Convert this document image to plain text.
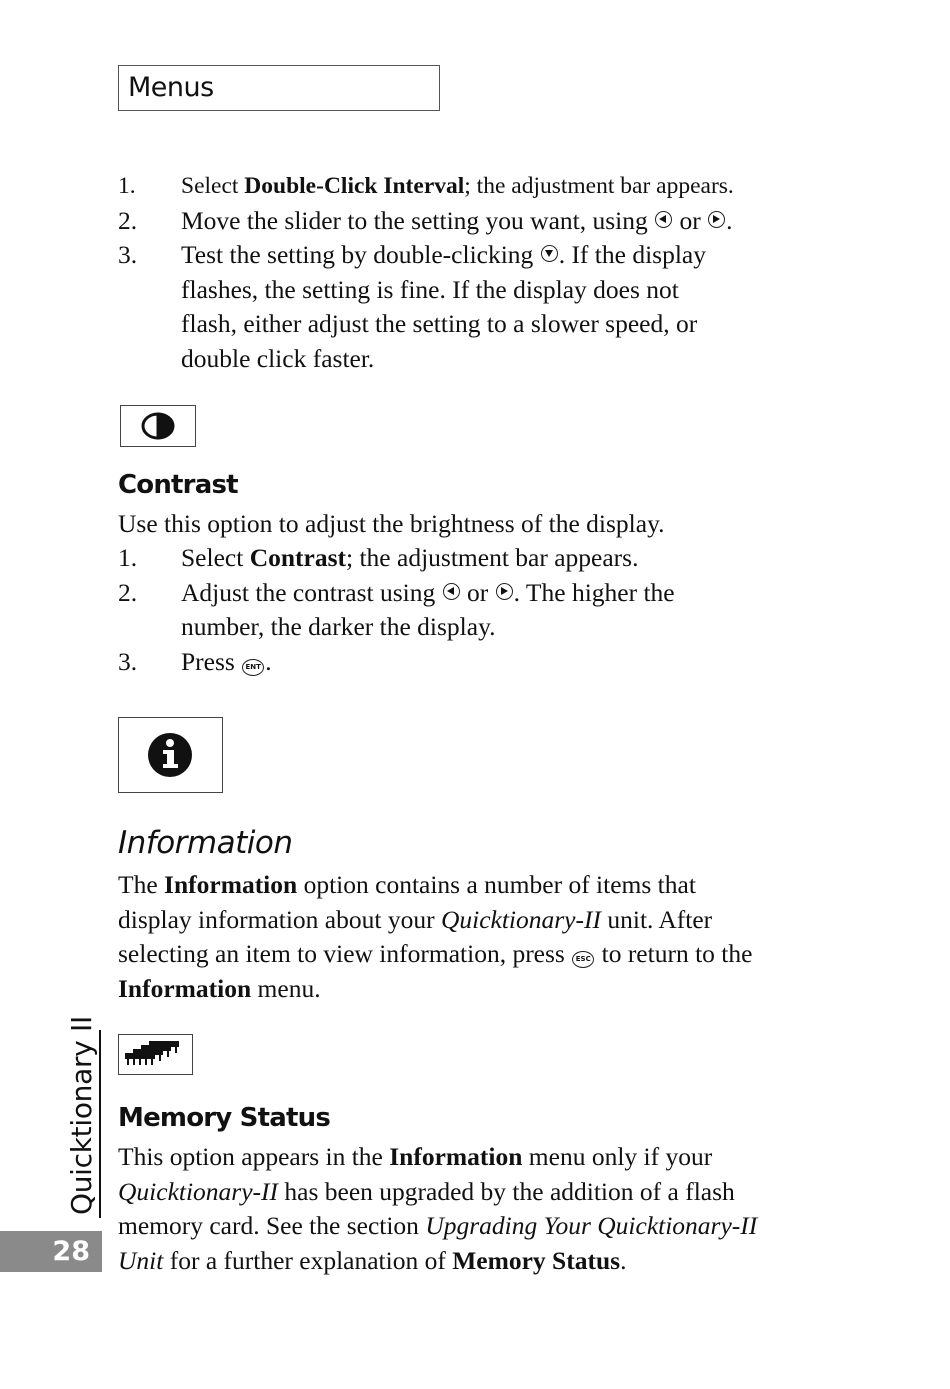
Menus
1. Select Double-Click Interval; the adjustment bar appears.
2. Move the slider to the setting you want, using
or
.
3. Test the setting by double-clicking
. If the display flashes, the setting is fine. If the display does not flash, either adjust the setting to a slower speed, or double click faster.
Contrast

Use this option to adjust the brightness of the display.

1. Select Contrast; the adjustment bar appears.
2. Adjust the contrast using
or
. The higher the number, the darker the display.
3. Press ENT .
Information

The Information option contains a number of items that display information about your Quicktionary-II unit. After selecting an item to view information, press ESC to return to the Information menu.

Memory Status

This option appears in the Information menu only if your Quicktionary-II has been upgraded by the addition of a flash memory card. See the section Upgrading Your Quicktionary-II Unit for a further explanation of Memory Status.

Quicktionary II
28
